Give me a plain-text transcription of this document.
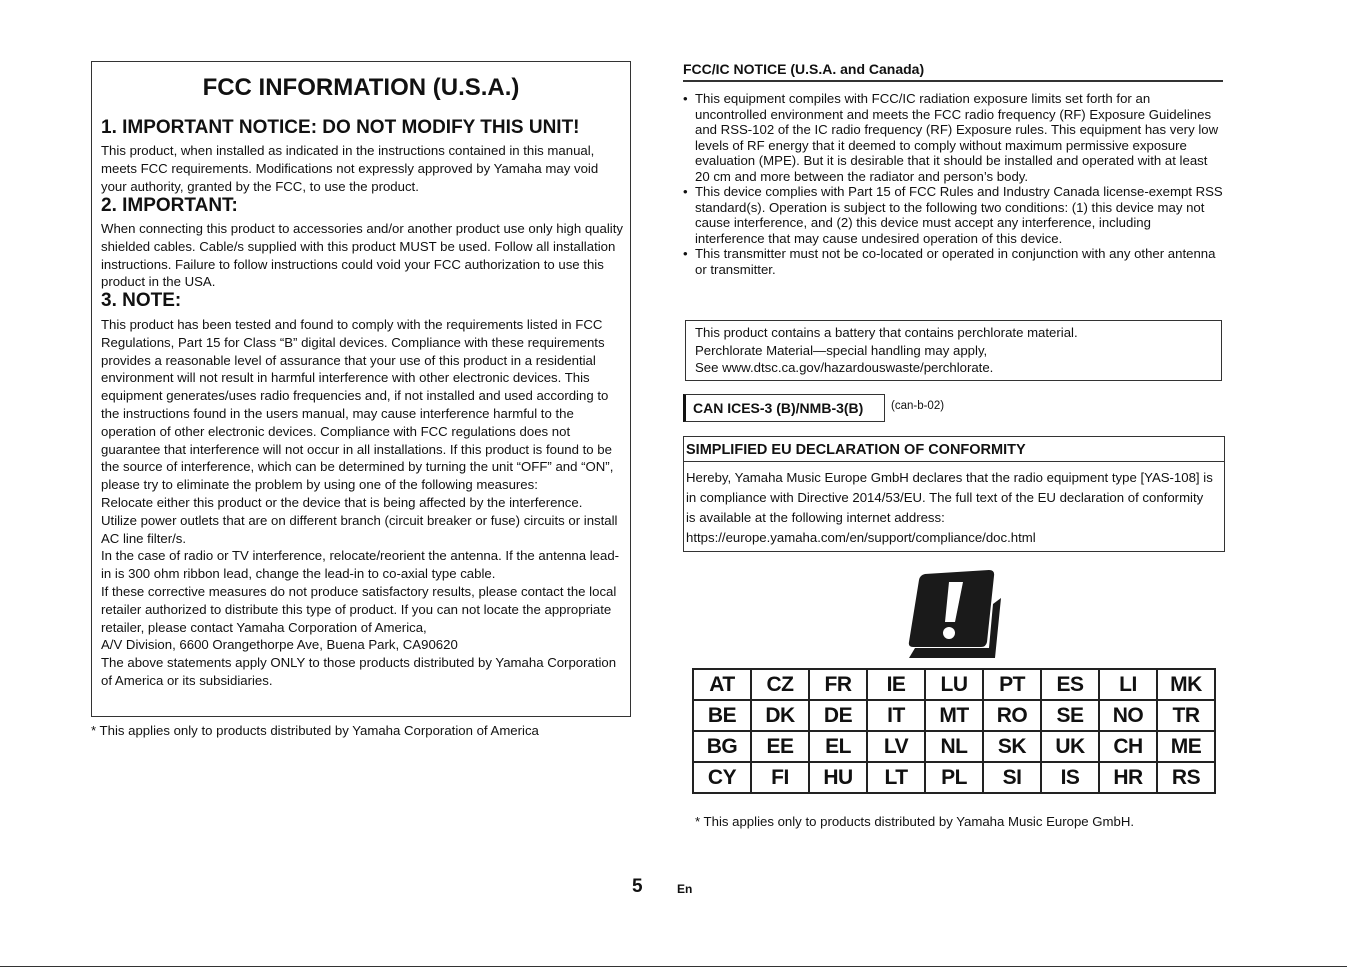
FCC INFORMATION (U.S.A.)
1. IMPORTANT NOTICE: DO NOT MODIFY THIS UNIT!
This product, when installed as indicated in the instructions contained in this manual, meets FCC requirements. Modifications not expressly approved by Yamaha may void your authority, granted by the FCC, to use the product.
2. IMPORTANT:
When connecting this product to accessories and/or another product use only high quality shielded cables. Cable/s supplied with this product MUST be used. Follow all installation instructions. Failure to follow instructions could void your FCC authorization to use this product in the USA.
3. NOTE:
This product has been tested and found to comply with the requirements listed in FCC Regulations, Part 15 for Class “B” digital devices. Compliance with these requirements provides a reasonable level of assurance that your use of this product in a residential environment will not result in harmful interference with other electronic devices. This equipment generates/uses radio frequencies and, if not installed and used according to the instructions found in the users manual, may cause interference harmful to the operation of other electronic devices. Compliance with FCC regulations does not guarantee that interference will not occur in all installations. If this product is found to be the source of interference, which can be determined by turning the unit “OFF” and “ON”, please try to eliminate the problem by using one of the following measures:
Relocate either this product or the device that is being affected by the interference.
Utilize power outlets that are on different branch (circuit breaker or fuse) circuits or install AC line filter/s.
In the case of radio or TV interference, relocate/reorient the antenna. If the antenna lead-in is 300 ohm ribbon lead, change the lead-in to co-axial type cable.
If these corrective measures do not produce satisfactory results, please contact the local retailer authorized to distribute this type of product. If you can not locate the appropriate retailer, please contact Yamaha Corporation of America,
A/V Division, 6600 Orangethorpe Ave, Buena Park, CA90620
The above statements apply ONLY to those products distributed by Yamaha Corporation of America or its subsidiaries.
* This applies only to products distributed by Yamaha Corporation of America
FCC/IC NOTICE (U.S.A. and Canada)
• This equipment compiles with FCC/IC radiation exposure limits set forth for an uncontrolled environment and meets the FCC radio frequency (RF) Exposure Guidelines and RSS-102 of the IC radio frequency (RF) Exposure rules. This equipment has very low levels of RF energy that it deemed to comply without maximum permissive exposure evaluation (MPE). But it is desirable that it should be installed and operated with at least 20 cm and more between the radiator and person’s body.
• This device complies with Part 15 of FCC Rules and Industry Canada license-exempt RSS standard(s). Operation is subject to the following two conditions: (1) this device may not cause interference, and (2) this device must accept any interference, including interference that may cause undesired operation of this device.
• This transmitter must not be co-located or operated in conjunction with any other antenna or transmitter.
This product contains a battery that contains perchlorate material.
Perchlorate Material—special handling may apply,
See www.dtsc.ca.gov/hazardouswaste/perchlorate.
CAN ICES-3 (B)/NMB-3(B)	(can-b-02)
SIMPLIFIED EU DECLARATION OF CONFORMITY
Hereby, Yamaha Music Europe GmbH declares that the radio equipment type [YAS-108] is in compliance with Directive 2014/53/EU. The full text of the EU declaration of conformity is available at the following internet address: https://europe.yamaha.com/en/support/compliance/doc.html
AT	CZ	FR	IE	LU	PT	ES	LI	MK
BE	DK	DE	IT	MT	RO	SE	NO	TR
BG	EE	EL	LV	NL	SK	UK	CH	ME
CY	FI	HU	LT	PL	SI	IS	HR	RS
* This applies only to products distributed by Yamaha Music Europe GmbH.
5	En
